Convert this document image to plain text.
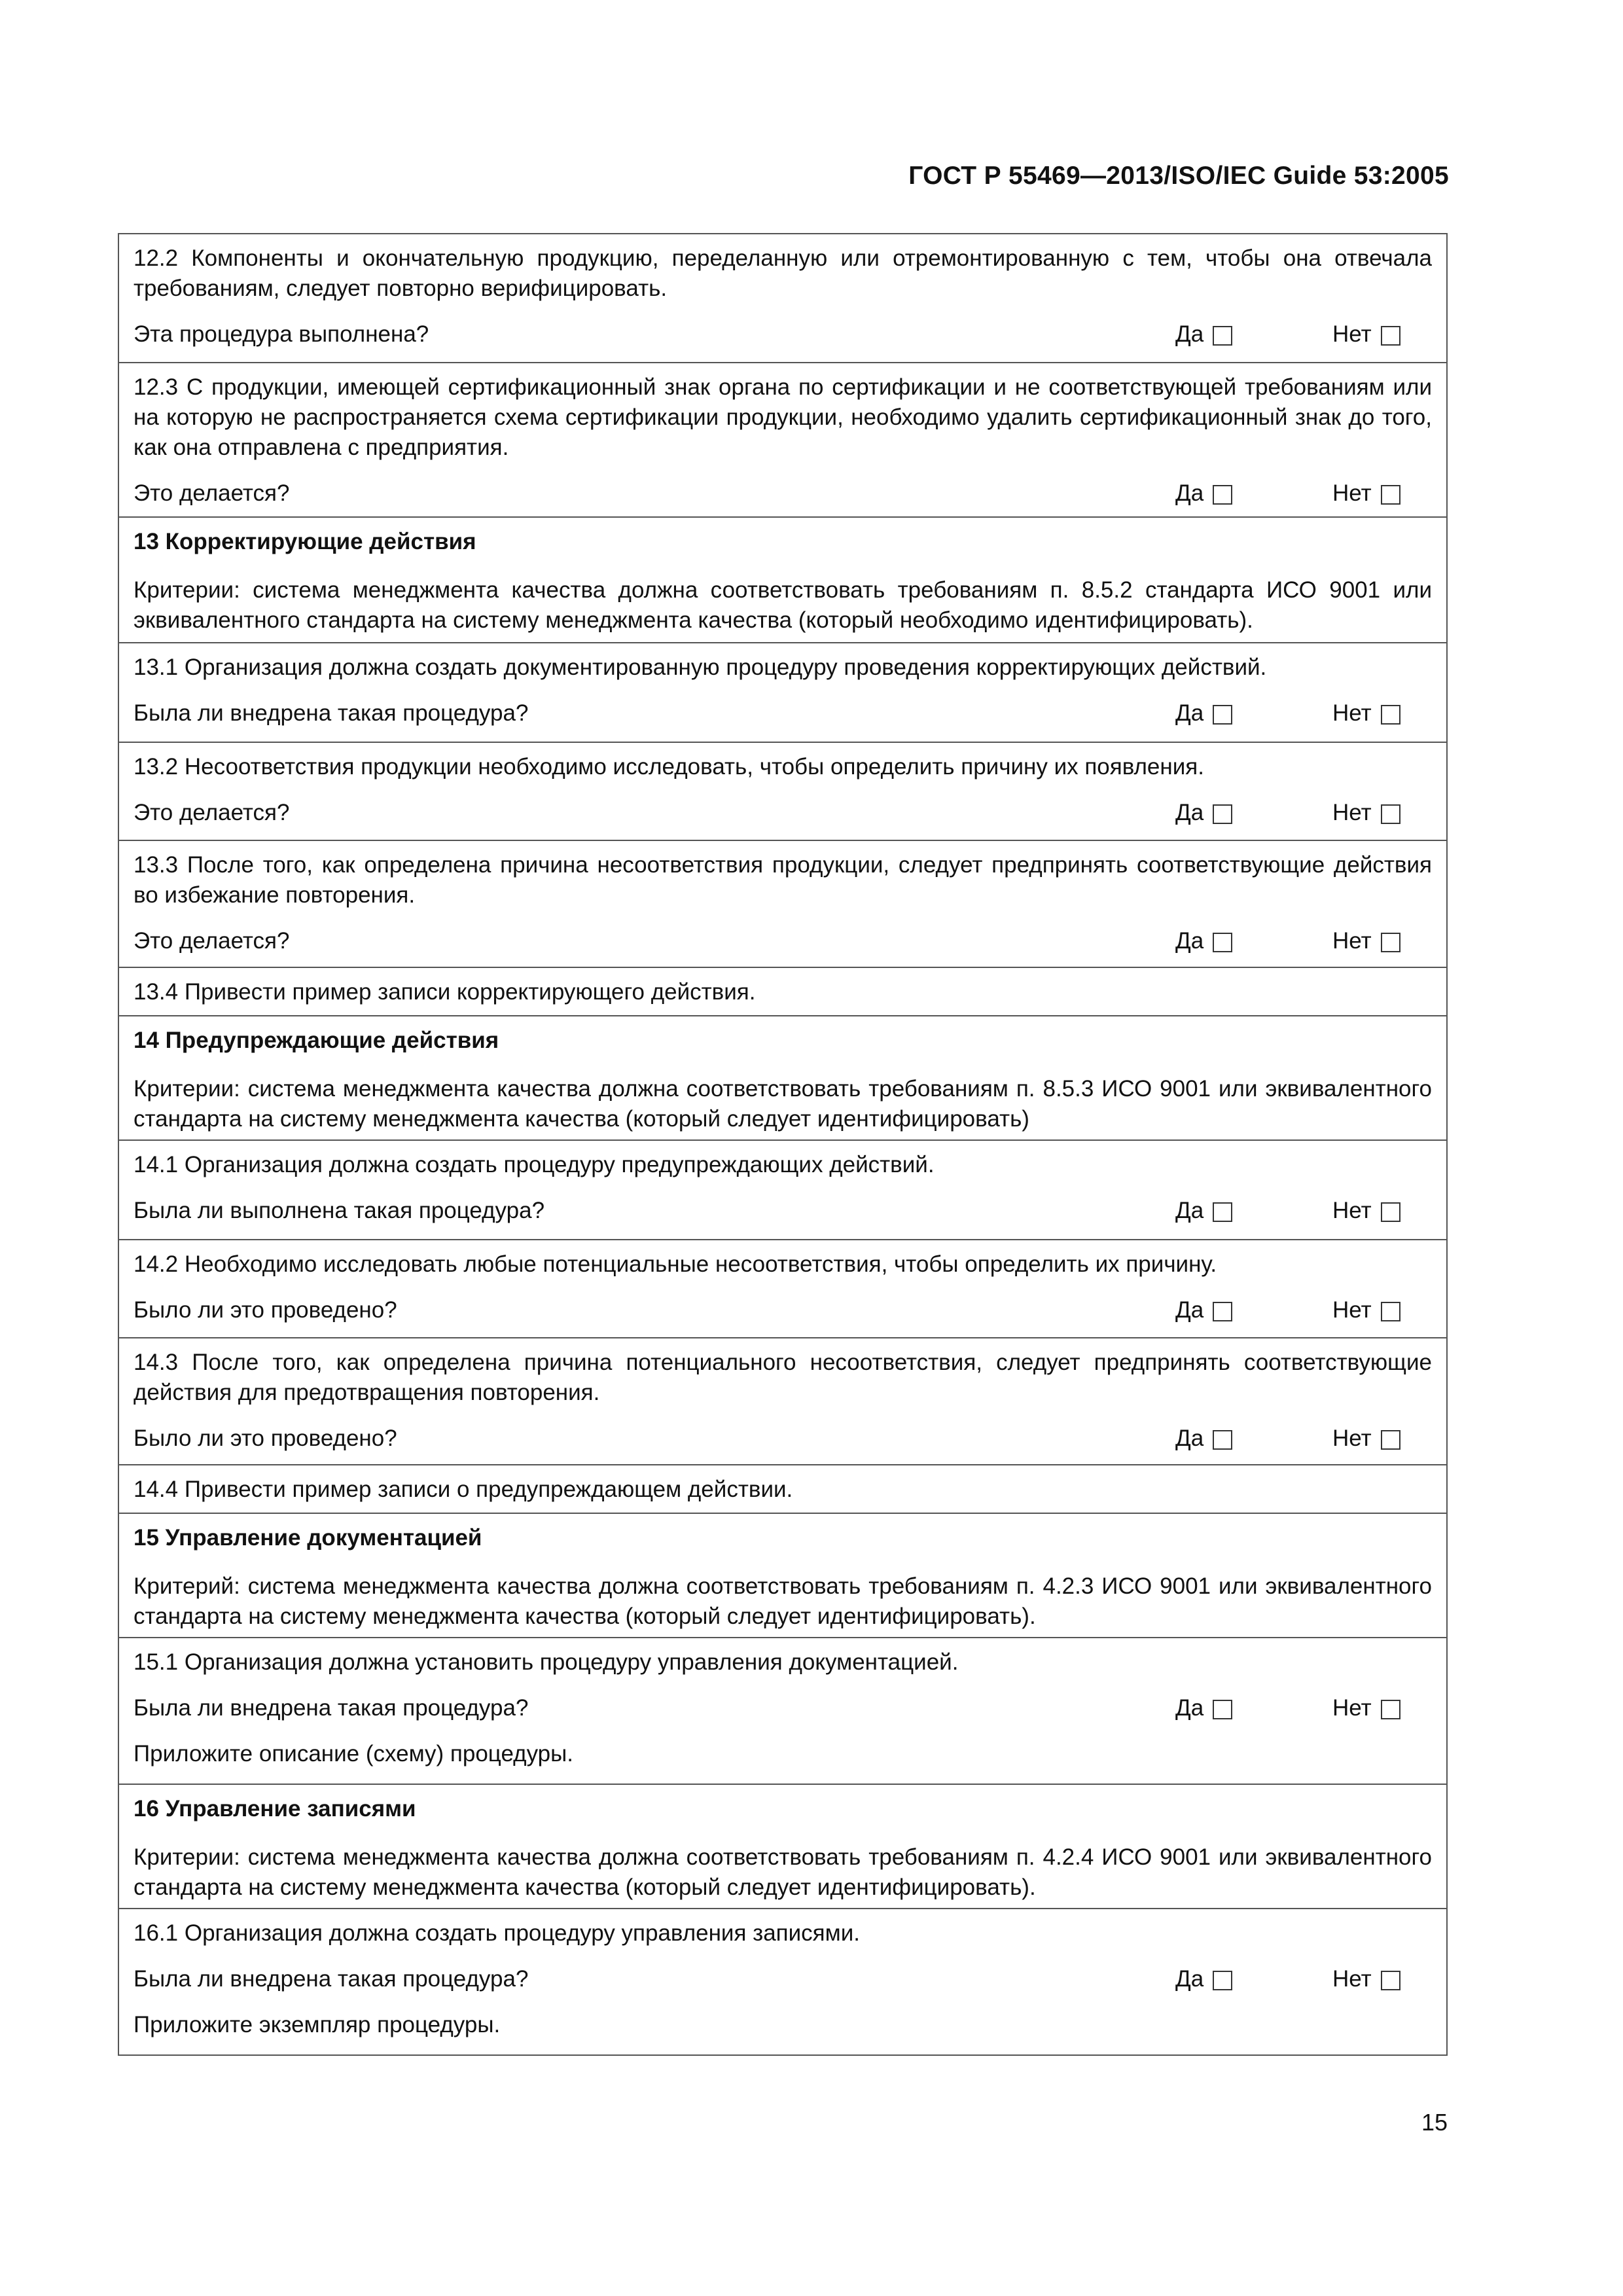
ГОСТ Р 55469—2013/ISO/IEC Guide 53:2005
12.2 Компоненты и окончательную продукцию, переделанную или отремонтированную с тем, чтобы она отвечала требованиям, следует повторно верифицировать.
Эта процедура выполнена?	Да	Нет
12.3 С продукции, имеющей сертификационный знак органа по сертификации и не соответствующей требованиям или на которую не распространяется схема сертификации продукции, необходимо удалить сертификационный знак до того, как она отправлена с предприятия.
Это делается?	Да	Нет
13 Корректирующие действия
Критерии: система менеджмента качества должна соответствовать требованиям п. 8.5.2 стандарта ИСО 9001 или эквивалентного стандарта на систему менеджмента качества (который необходимо идентифицировать).
13.1 Организация должна создать документированную процедуру проведения корректирующих действий.
Была ли внедрена такая процедура?	Да	Нет
13.2 Несоответствия продукции необходимо исследовать, чтобы определить причину их появления.
Это делается?	Да	Нет
13.3 После того, как определена причина несоответствия продукции, следует предпринять соответствующие действия во избежание повторения.
Это делается?	Да	Нет
13.4 Привести пример записи корректирующего действия.
14 Предупреждающие действия
Критерии: система менеджмента качества должна соответствовать требованиям п. 8.5.3 ИСО 9001 или эквивалентного стандарта на систему менеджмента качества (который следует идентифицировать)
14.1 Организация должна создать процедуру предупреждающих действий.
Была ли выполнена такая процедура?	Да	Нет
14.2 Необходимо исследовать любые потенциальные несоответствия, чтобы определить их причину.
Было ли это проведено?	Да	Нет
14.3 После того, как определена причина потенциального несоответствия, следует предпринять соответствующие действия для предотвращения повторения.
Было ли это проведено?	Да	Нет
14.4 Привести пример записи о предупреждающем действии.
15 Управление документацией
Критерий: система менеджмента качества должна соответствовать требованиям п. 4.2.3 ИСО 9001 или эквивалентного стандарта на систему менеджмента качества (который следует идентифицировать).
15.1 Организация должна установить процедуру управления документацией.
Была ли внедрена такая процедура?	Да	Нет
Приложите описание (схему) процедуры.
16 Управление записями
Критерии: система менеджмента качества должна соответствовать требованиям п. 4.2.4 ИСО 9001 или эквивалентного стандарта на систему менеджмента качества (который следует идентифицировать).
16.1 Организация должна создать процедуру управления записями.
Была ли внедрена такая процедура?	Да	Нет
Приложите экземпляр процедуры.
15
